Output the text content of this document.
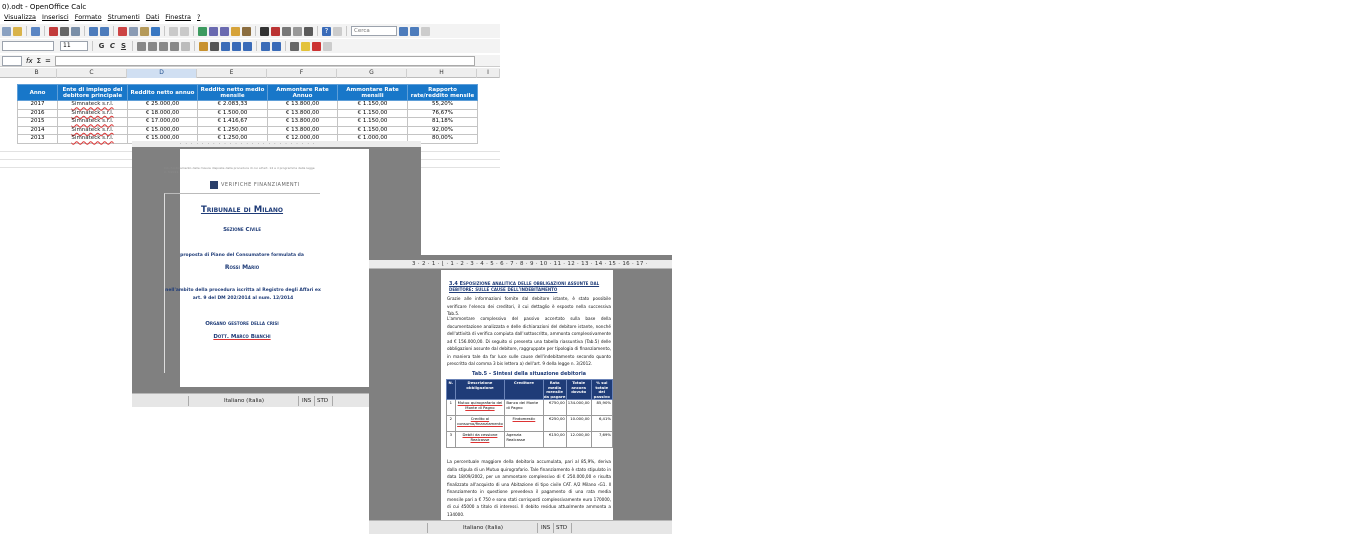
0).odt - OpenOffice Calc
Visualizza Inserisci Formato Strumenti Dati Finestra ?
?	Cerca
11	G C S
fx Σ =
B	C	D	E	F	G	H	I
Anno	Ente di impiego del debitore principale	Reddito netto annuo	Reddito netto medio mensile	Ammontare Rate Annuo	Ammontare Rate mensili	Rapporto rate/reddito mensile
2017	Simnateck s.r.l.	€ 25.000,00	€ 2.083,33	€ 13.800,00	€ 1.150,00	55,20%
2016	Simnateck s.r.l.	€ 18.000,00	€ 1.500,00	€ 13.800,00	€ 1.150,00	76,67%
2015	Simnateck s.r.l.	€ 17.000,00	€ 1.416,67	€ 13.800,00	€ 1.150,00	81,18%
2014	Simnateck s.r.l.	€ 15.000,00	€ 1.250,00	€ 13.800,00	€ 1.150,00	92,00%
2013	Simnateck s.r.l.	€ 15.000,00	€ 1.250,00	€ 12.000,00	€ 1.000,00	80,00%
· · · · · · · · · · · · · · · · · · · · · · · · ·
Ciò, l'ordinamento delle misure disposte dalla procedura di cui all'art. 14 e il programma della legge n. 3/2012.
VERIFICHE FINANZIAMENTI
Tribunale di Milano
Sezione Civile
proposta di Piano del Consumatore formulata da
Rossi Mario
nell'ambito della procedura iscritta al Registro degli Affari ex art. 9 del DM 202/2014 al num. 12/2014
Organo gestore della crisi
Dott. Marco Bianchi
Italiano (Italia)	INS STD
3 · 2 · 1 · ⌊ · 1 · 2 · 3 · 4 · 5 · 6 · 7 · 8 · 9 · 10 · 11 · 12 · 13 · 14 · 15 · 16 · 17 ·
3.4 Esposizione analitica delle obbligazioni assunte dal debitore: sulle cause dell'indebitamento
Grazie alle informazioni fornite dal debitore istante, è stato possibile verificare l'elenco dei creditori, il cui dettaglio è esposto nella successiva Tab.5.
L'ammontare complessivo del passivo accertato sulla base della documentazione analizzata e delle dichiarazioni del debitore istante, nonché dell'attività di verifica compiuta dall'sottoscritto, ammonta complessivamente ad € 156.000,00. Di seguito si presenta una tabella riassuntiva (Tab.5) delle obbligazioni assunte dal debitore, raggruppate per tipologia di finanziamento, in maniera tale da far luce sulle cause dell'indebitamento secondo quanto prescritto dal comma 3 bis lettera a) dell'art. 9 della legge n. 3/2012.
Tab.5 – Sintesi della situazione debitoria
N.	Descrizione obbligazione	Creditore	Rata media mensile da pagare	Totale ancora dovuto	% sul totale del passivo
1	Mutuo quirografario del Monte di Pagno	Banca del Monte di Pagno	€750,00	134.000,00	85,90%
2	Credito al consumo/finanziamento	Findomestic	€250,00	10.000,00	6,41%
3	Debiti da cessione Realcasse	Agenzia Realcasse	€150,00	12.000,00	7,69%
La percentuale maggiore della debitoria accumulata, pari al 85,9%, deriva dalla stipula di un Mutuo quirografario. Tale finanziamento è stato stipulato in data 18/09/2002, per un ammontare complessivo di € 250.000,00 e risulta finalizzato all'acquisto di una Abitazione di tipo civile CAT. A/2 Milano ‹G1. Il finanziamento in questione prevedeva il pagamento di una rata media mensile pari a € 750 e sono stati corrisposti complessivamente euro 170000, di cui 45000 a titolo di interessi. Il debito residuo attualmente ammonta a 134000.
Italiano (Italia)	INS STD
